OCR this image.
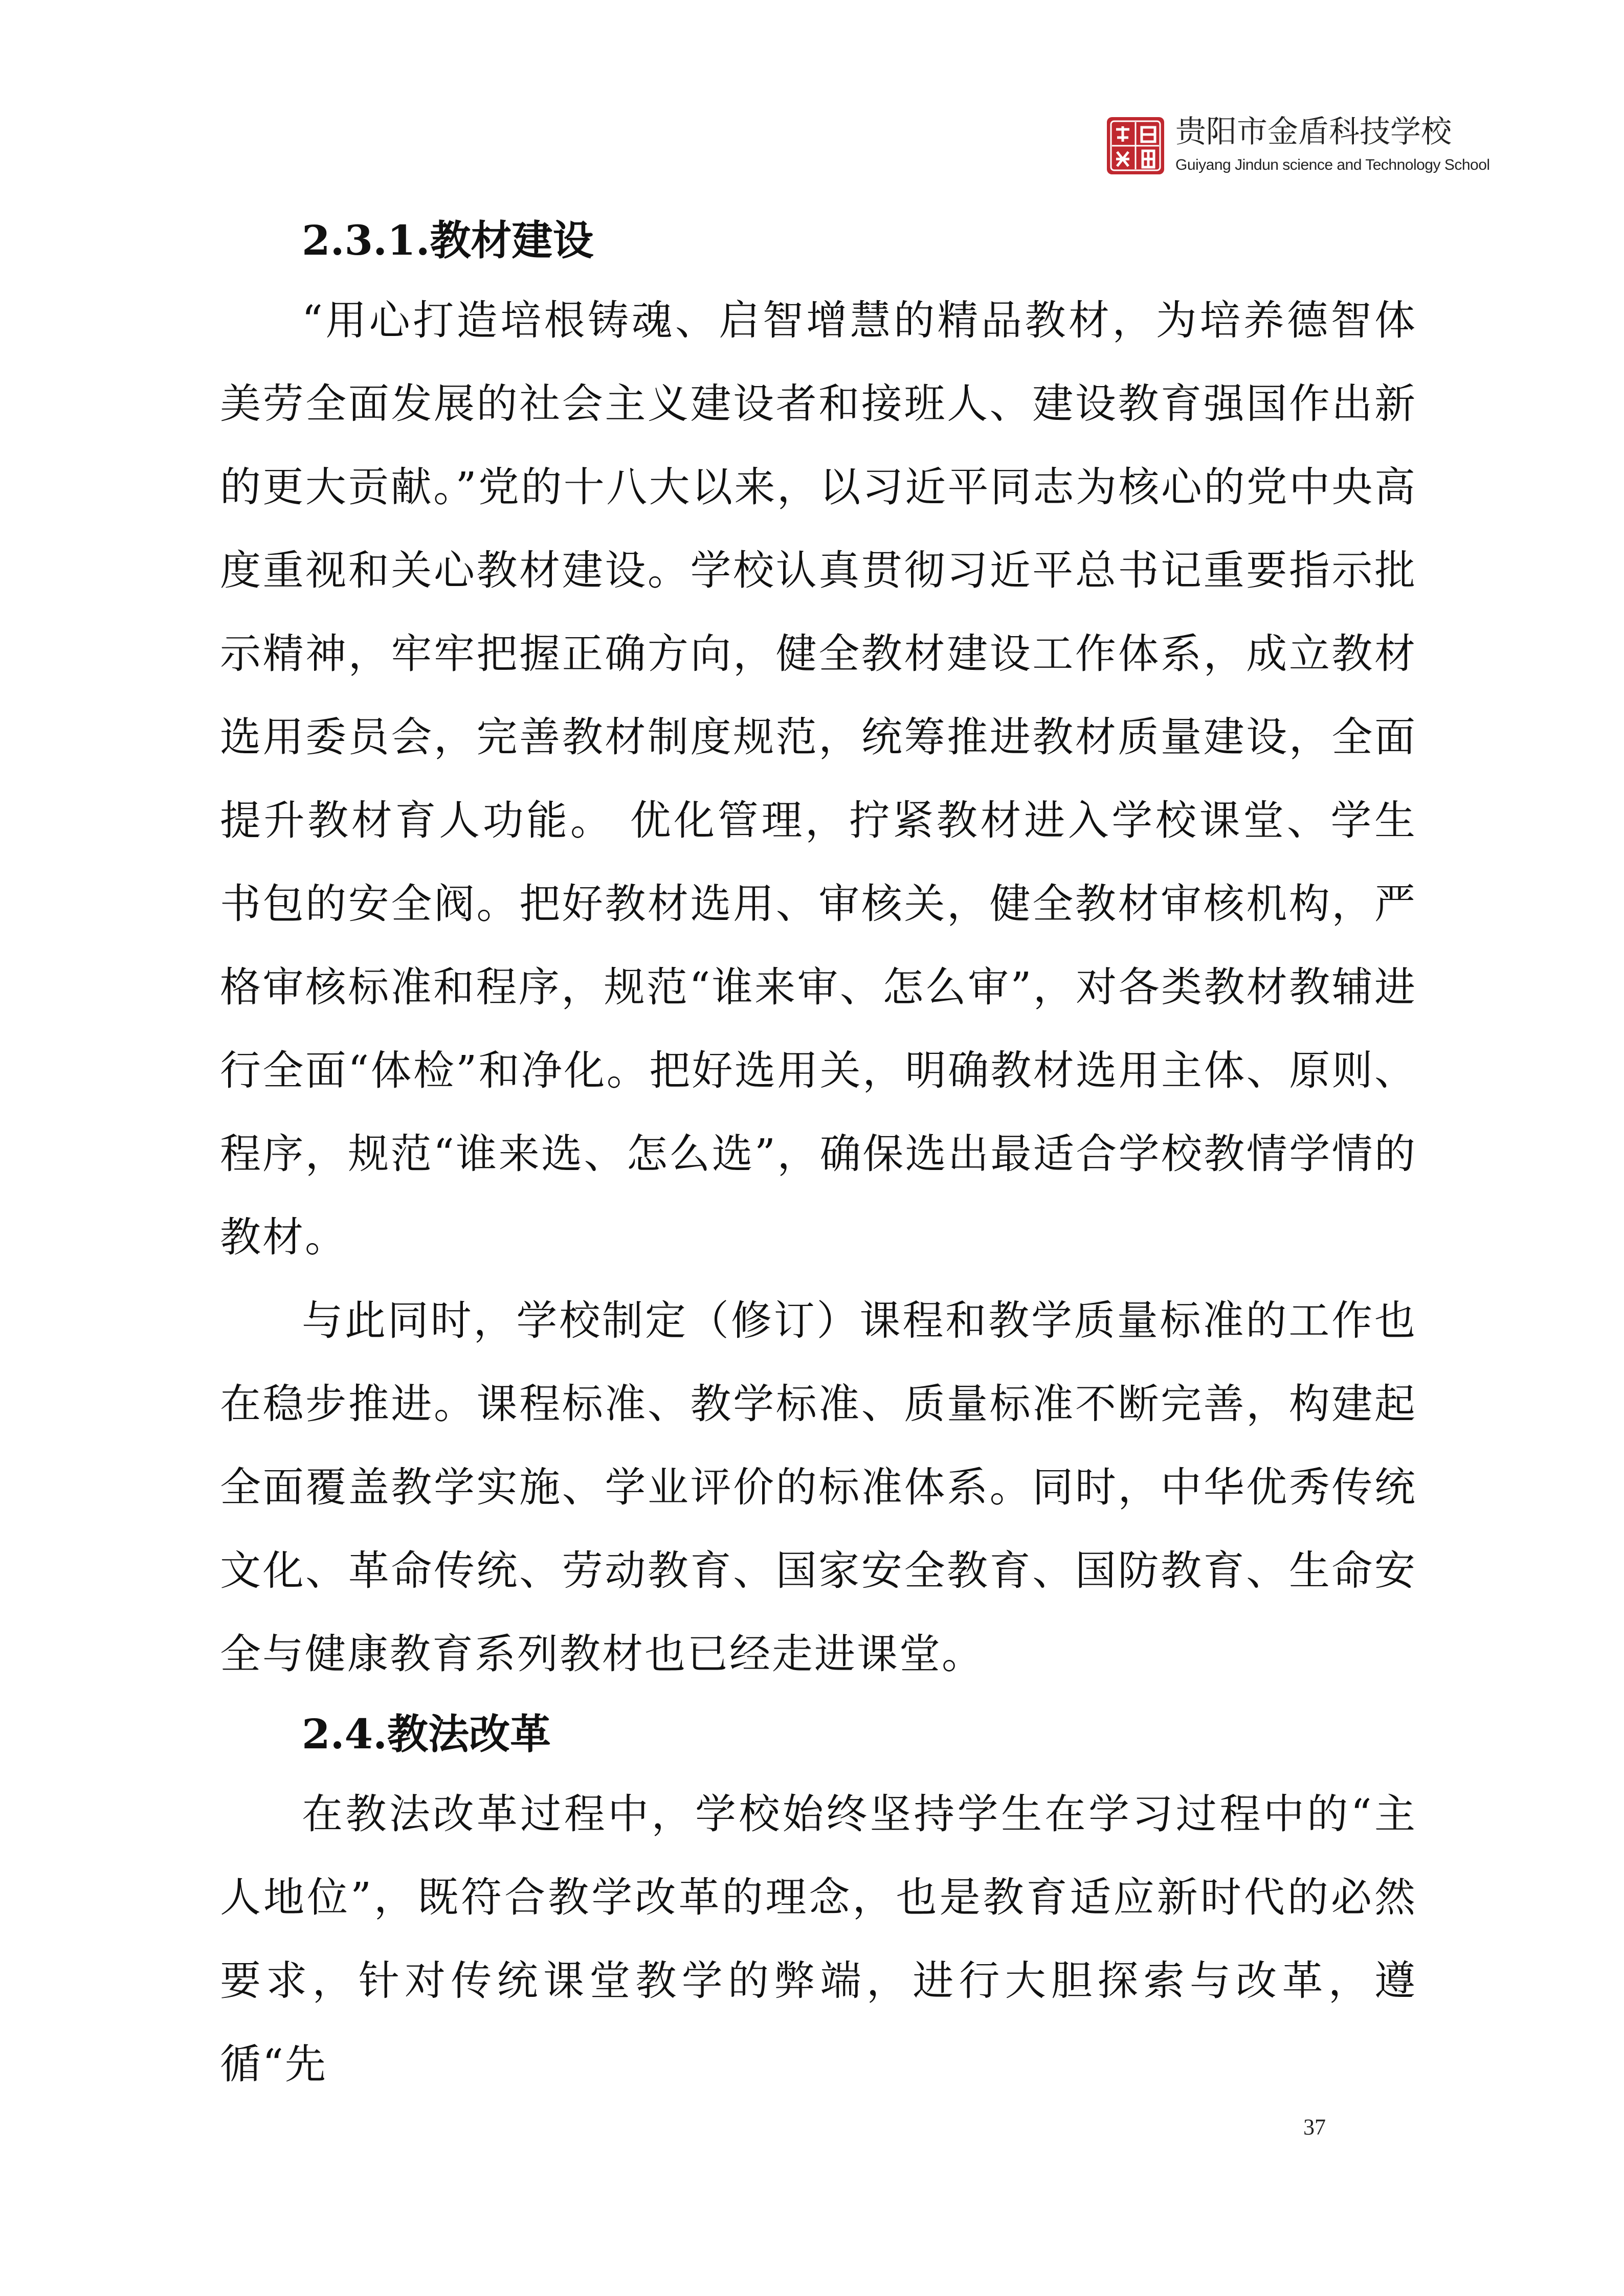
贵阳市金盾科技学校
Guiyang Jindun science and Technology School
2.3.1.教材建设

“用心打造培根铸魂、启智增慧的精品教材，为培养德智体美劳全面发展的社会主义建设者和接班人、建设教育强国作出新的更大贡献。”党的十八大以来，以习近平同志为核心的党中央高度重视和关心教材建设。学校认真贯彻习近平总书记重要指示批示精神，牢牢把握正确方向，健全教材建设工作体系，成立教材选用委员会，完善教材制度规范，统筹推进教材质量建设，全面提升教材育人功能。 优化管理，拧紧教材进入学校课堂、学生书包的安全阀。把好教材选用、审核关，健全教材审核机构，严格审核标准和程序，规范“谁来审、怎么审”，对各类教材教辅进行全面“体检”和净化。把好选用关，明确教材选用主体、原则、程序，规范“谁来选、怎么选”，确保选出最适合学校教情学情的教材。

与此同时，学校制定（修订）课程和教学质量标准的工作也在稳步推进。课程标准、教学标准、质量标准不断完善，构建起全面覆盖教学实施、学业评价的标准体系。同时，中华优秀传统文化、革命传统、劳动教育、国家安全教育、国防教育、生命安全与健康教育系列教材也已经走进课堂。

2.4.教法改革

在教法改革过程中，学校始终坚持学生在学习过程中的“主人地位”，既符合教学改革的理念，也是教育适应新时代的必然要求，针对传统课堂教学的弊端，进行大胆探索与改革，遵循“先

37
